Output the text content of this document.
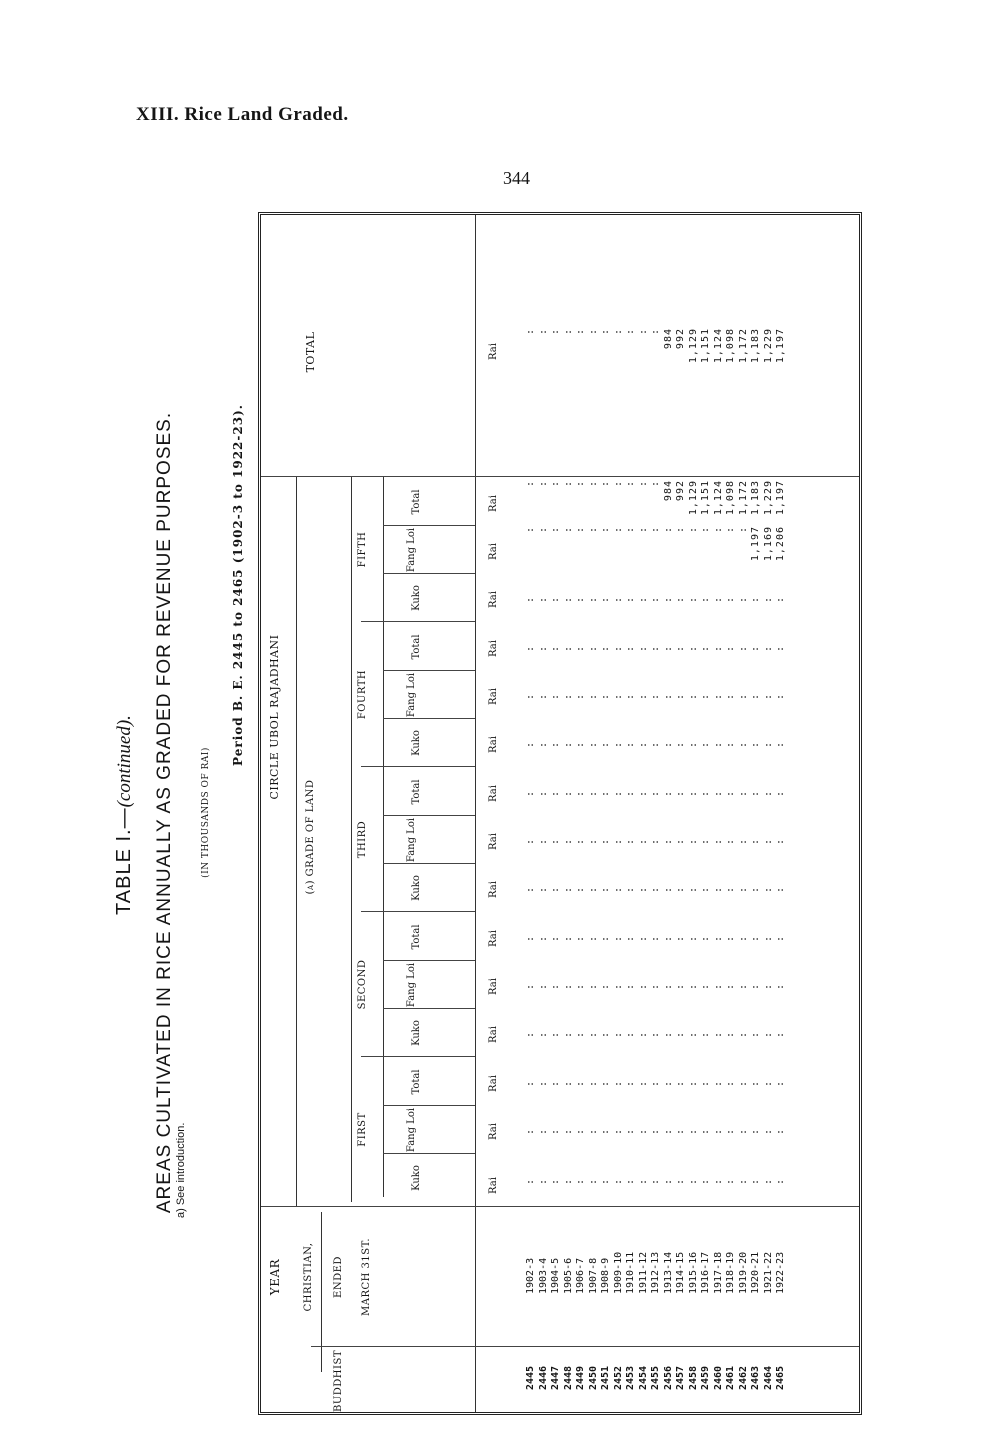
XIII. Rice Land Graded.
344
a) See introduction.
TABLE I.—(continued). AREAS CULTIVATED IN RICE ANNUALLY AS GRADED FOR REVENUE PURPOSES.	(IN THOUSANDS OF RAI)
Period B. E. 2445 to 2465 (1902-3 to 1922-23).
YEAR
BUDDHIST
CHRISTIAN, ENDED MARCH 31ST.
CIRCLE UBOL RAJADHANI
(a) GRADE OF LAND
TOTAL
FIRST
SECOND
THIRD
FOURTH
FIFTH
Kuko
Fang Loi
Total
Kuko
Fang Loi
Total
Kuko
Fang Loi
Total
Kuko
Fang Loi
Total
Kuko
Fang Loi
Total
Rai
Rai
Rai
Rai
Rai
Rai
Rai
Rai
Rai
Rai
Rai
Rai
Rai
Rai
Rai
Rai
2445 2446 2447 2448 2449 2450 2451 2452 2453 2454 2455 2456 2457 2458 2459 2460 2461 2462 2463 2464 2465
1902-3 1903-4 1904-5 1905-6 1906-7 1907-8 1908-9 1909-10 1910-11 1911-12 1912-13 1913-14 1914-15 1915-16 1916-17 1917-18 1918-19 1919-20 1920-21 1921-22 1922-23
: : : : : : : : : : : : : : : : : : : : :
: : : : : : : : : : : : : : : : : : : : :
: : : : : : : : : : : : : : : : : : : : :
: : : : : : : : : : : : : : : : : : : : :
: : : : : : : : : : : : : : : : : : : : :
: : : : : : : : : : : : : : : : : : : : :
: : : : : : : : : : : : : : : : : : : : :
: : : : : : : : : : : : : : : : : : : : :
: : : : : : : : : : : : : : : : : : : : :
: : : : : : : : : : : : : : : : : : : : :
: : : : : : : : : : : : : : : : : : : : :
: : : : : : : : : : : : : : : : : : : : :
: : : : : : : : : : : : : : : : : : : : :
: : : : : : : : : : : : : : : : : : 1,197 1,169 1,206
: : : : : : : : : : : 984 992 1,129 1,151 1,124 1,098 1,172 1,183 1,229 1,197
: : : : : : : : : : : 984 992 1,129 1,151 1,124 1,098 1,172 1,183 1,229 1,197
